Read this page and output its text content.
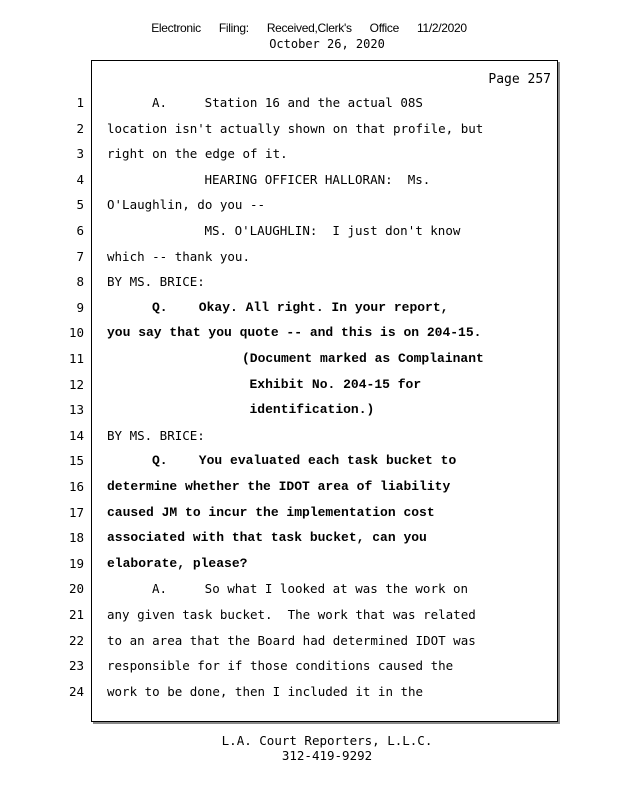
Electronic Filing: Received,Clerk's Office 11/2/2020
October 26, 2020
Page 257
1	A.     Station 16 and the actual 08S
2 location isn't actually shown on that profile, but
3 right on the edge of it.
4	HEARING OFFICER HALLORAN:  Ms.
5 O'Laughlin, do you --
6	MS. O'LAUGHLIN:  I just don't know
7 which -- thank you.
8 BY MS. BRICE:
9	Q.    Okay. All right. In your report,
10 you say that you quote -- and this is on 204-15.
11	(Document marked as Complainant
12	Exhibit No. 204-15 for
13	identification.)
14 BY MS. BRICE:
15	Q.    You evaluated each task bucket to
16 determine whether the IDOT area of liability
17 caused JM to incur the implementation cost
18 associated with that task bucket, can you
19 elaborate, please?
20	A.     So what I looked at was the work on
21 any given task bucket.  The work that was related
22 to an area that the Board had determined IDOT was
23 responsible for if those conditions caused the
24 work to be done, then I included it in the
L.A. Court Reporters, L.L.C.
312-419-9292
